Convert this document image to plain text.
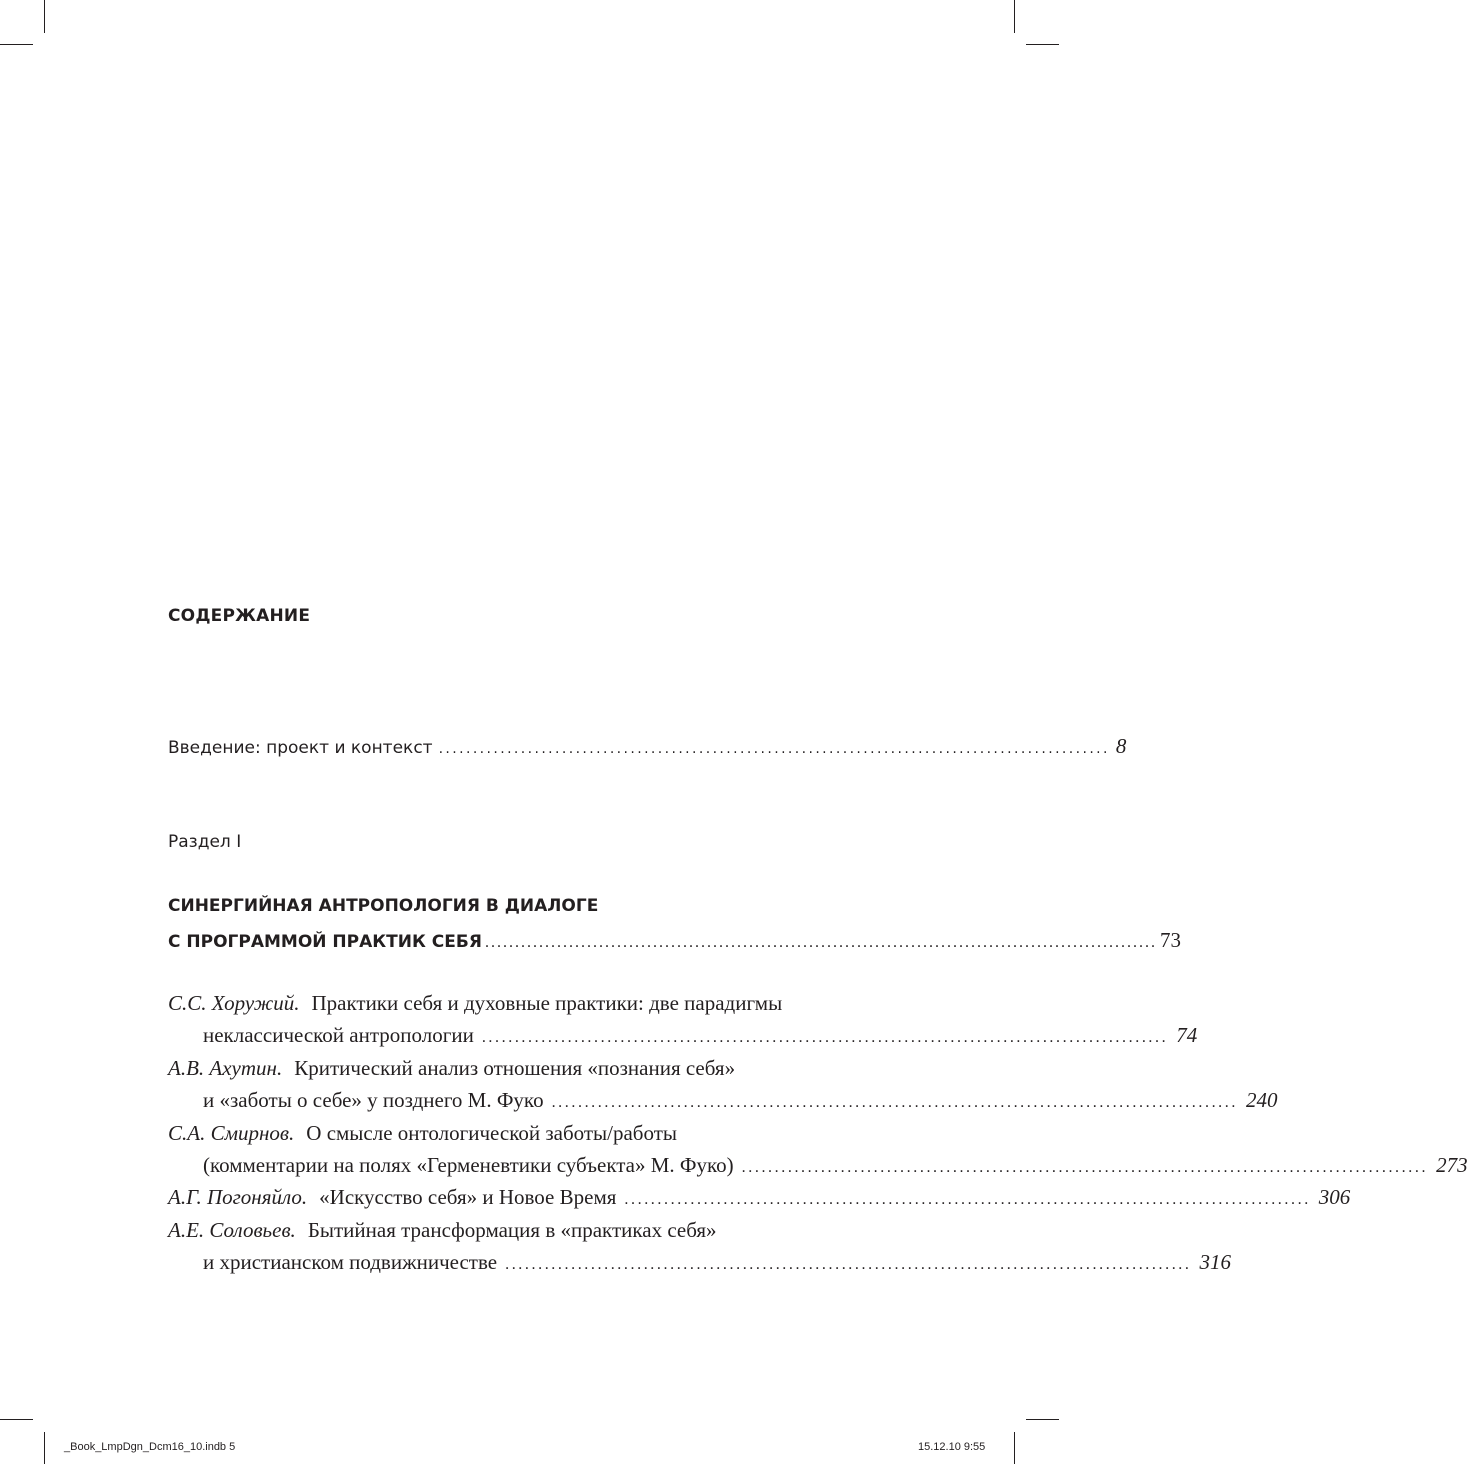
СОДЕРЖАНИЕ
Введение: проект и контекст .................................................................................................. 8
Раздел I
СИНЕРГИЙНАЯ АНТРОПОЛОГИЯ В ДИАЛОГЕ
С ПРОГРАММОЙ ПРАКТИК СЕБЯ ................................................................................................................ 73
С.С. Хоружий. Практики себя и духовные практики: две парадигмы
неклассической антропологии ........................................................................................................ 74
А.В. Ахутин. Критический анализ отношения «познания себя»
и «заботы о себе» у позднего М. Фуко ........................................................................................................ 240
С.А. Смирнов. О смысле онтологической заботы/работы
(комментарии на полях «Герменевтики субъекта» М. Фуко) ........................................................................................................ 273
А.Г. Погоняйло. «Искусство себя» и Новое Время ........................................................................................................ 306
А.Е. Соловьев. Бытийная трансформация в «практиках себя»
и христианском подвижничестве ........................................................................................................ 316
_Book_LmpDgn_Dcm16_10.indb 5	15.12.10 9:55
